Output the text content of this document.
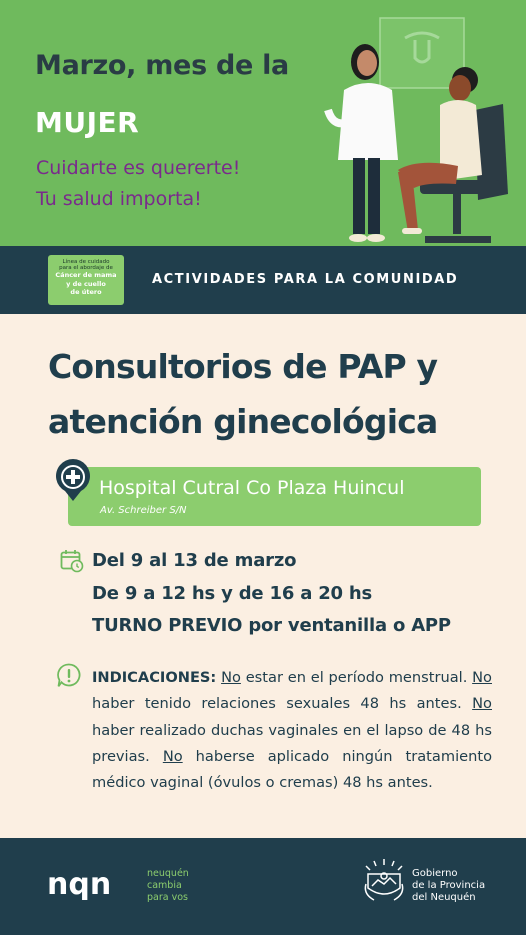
Marzo, mes de la
MUJER
Cuidarte es quererte!
Tu salud importa!
Línea de cuidado
para el abordaje de
Cáncer de mama
y de cuello
de útero
ACTIVIDADES PARA LA COMUNIDAD
Consultorios de PAP y
atención ginecológica
Hospital Cutral Co Plaza Huincul
Av. Schreiber S/N
Del 9 al 13 de marzo
De 9 a 12 hs y de 16 a 20 hs
TURNO PREVIO por ventanilla o APP
INDICACIONES: No estar en el período menstrual. No haber tenido relaciones sexuales 48 hs antes. No haber realizado duchas vaginales en el lapso de 48 hs previas. No haberse aplicado ningún tratamiento médico vaginal (óvulos o cremas) 48 hs antes.
nqn	neuquén
cambia
para vos
Gobierno
de la Provincia
del Neuquén
